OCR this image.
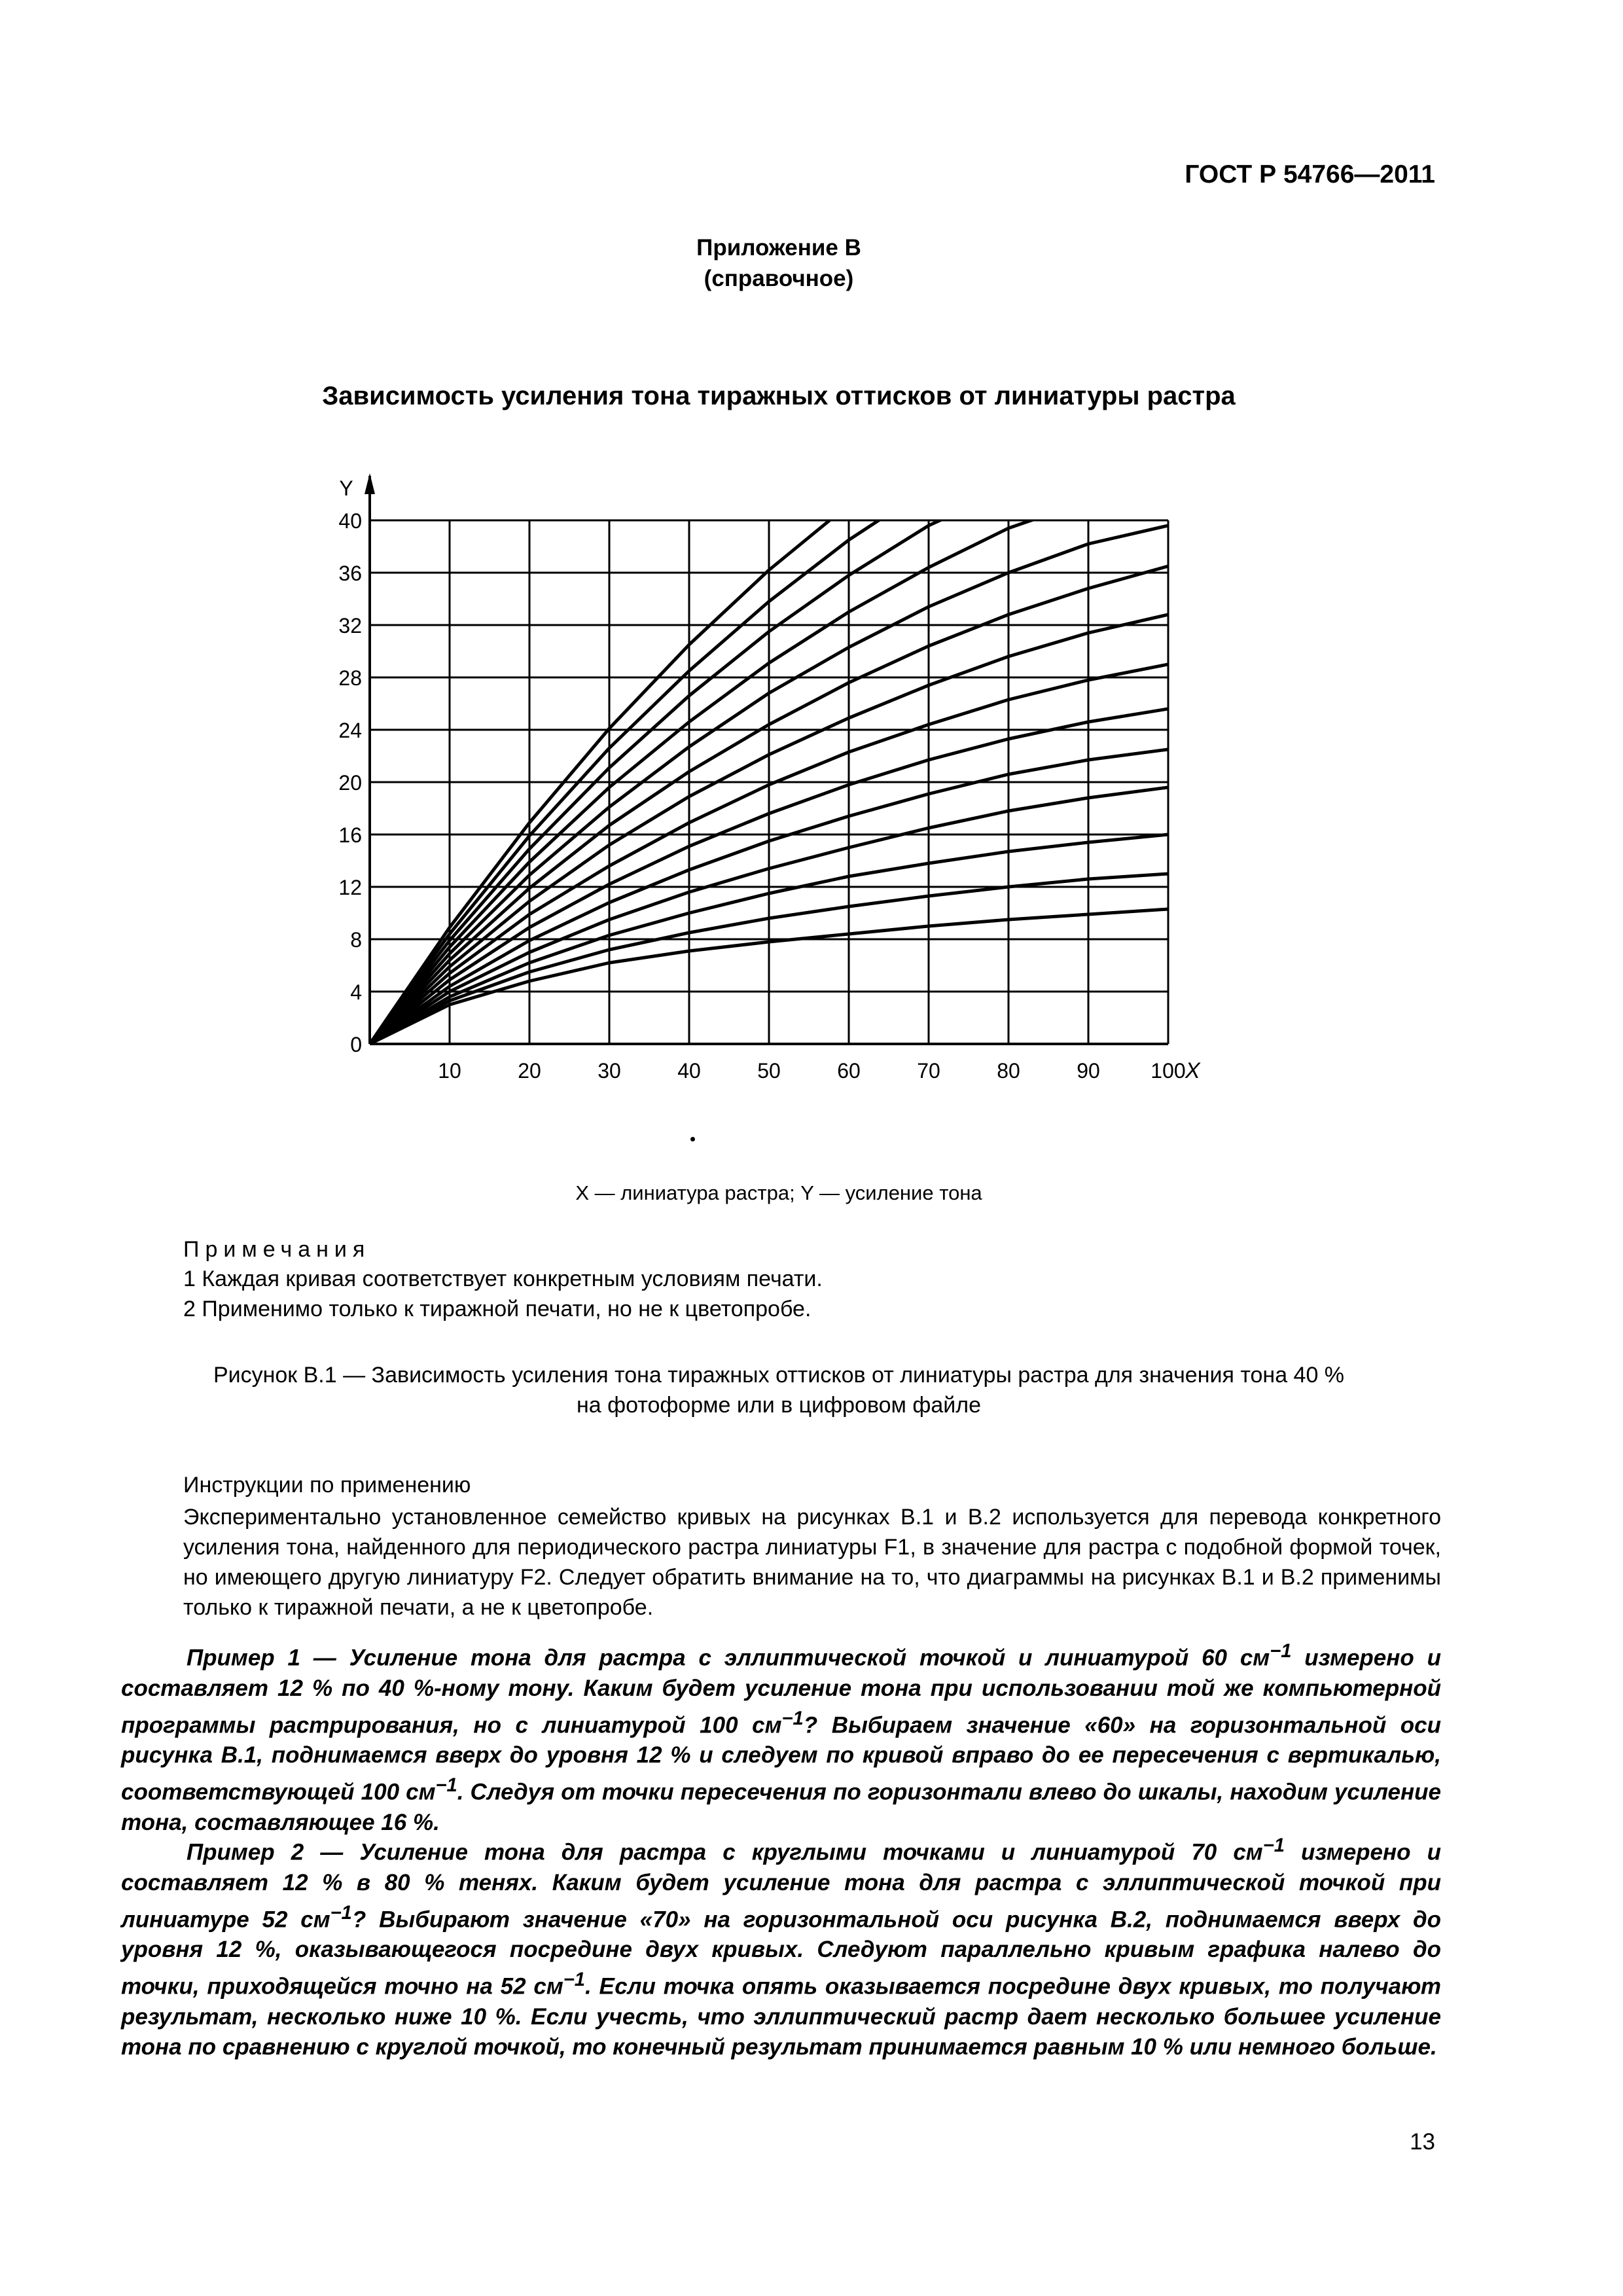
ГОСТ Р 54766—2011
Приложение В
(справочное)
Зависимость усиления тона тиражных оттисков от линиатуры растра
0
4
8
12
16
20
24
28
32
36
40
10	20	30	40	50	60	70	80	90 100 X
Y
X — линиатура растра; Y — усиление тона
Примечания
1 Каждая кривая соответствует конкретным условиям печати.
2 Применимо только к тиражной печати, но не к цветопробе.
Рисунок В.1 — Зависимость усиления тона тиражных оттисков от линиатуры растра для значения тона 40 %
на фотоформе или в цифровом файле
Инструкции по применению
Экспериментально установленное семейство кривых на рисунках В.1 и В.2 используется для перевода конкретного усиления тона, найденного для периодического растра линиатуры F1, в значение для растра с подобной формой точек, но имеющего другую линиатуру F2. Следует обратить внимание на то, что диаграммы на рисунках В.1 и В.2 применимы только к тиражной печати, а не к цветопробе.
Пример 1 — Усиление тона для растра с эллиптической точкой и линиатурой 60 $см^{-1}$ измерено и составляет 12 % по 40 %-ному тону. Каким будет усиление тона при использовании той же компьютерной программы растрирования, но с линиатурой 100 $см^{-1}$? Выбираем значение «60» на горизонтальной оси рисунка В.1, поднимаемся вверх до уровня 12 % и следуем по кривой вправо до ее пересечения с вертикалью, соответствующей 100 $см^{-1}$. Следуя от точки пересечения по горизонтали влево до шкалы, находим усиление тона, составляющее 16 %.
Пример 2 — Усиление тона для растра с круглыми точками и линиатурой 70 $см^{-1}$ измерено и составляет 12 % в 80 % тенях. Каким будет усиление тона для растра с эллиптической точкой при линиатуре 52 $см^{-1}$? Выбирают значение «70» на горизонтальной оси рисунка В.2, поднимаемся вверх до уровня 12 %, оказывающегося посредине двух кривых. Следуют параллельно кривым графика налево до точки, приходящейся точно на 52 $см^{-1}$. Если точка опять оказывается посредине двух кривых, то получают результат, несколько ниже 10 %. Если учесть, что эллиптический растр дает несколько большее усиление тона по сравнению с круглой точкой, то конечный результат принимается равным 10 % или немного больше.
13
